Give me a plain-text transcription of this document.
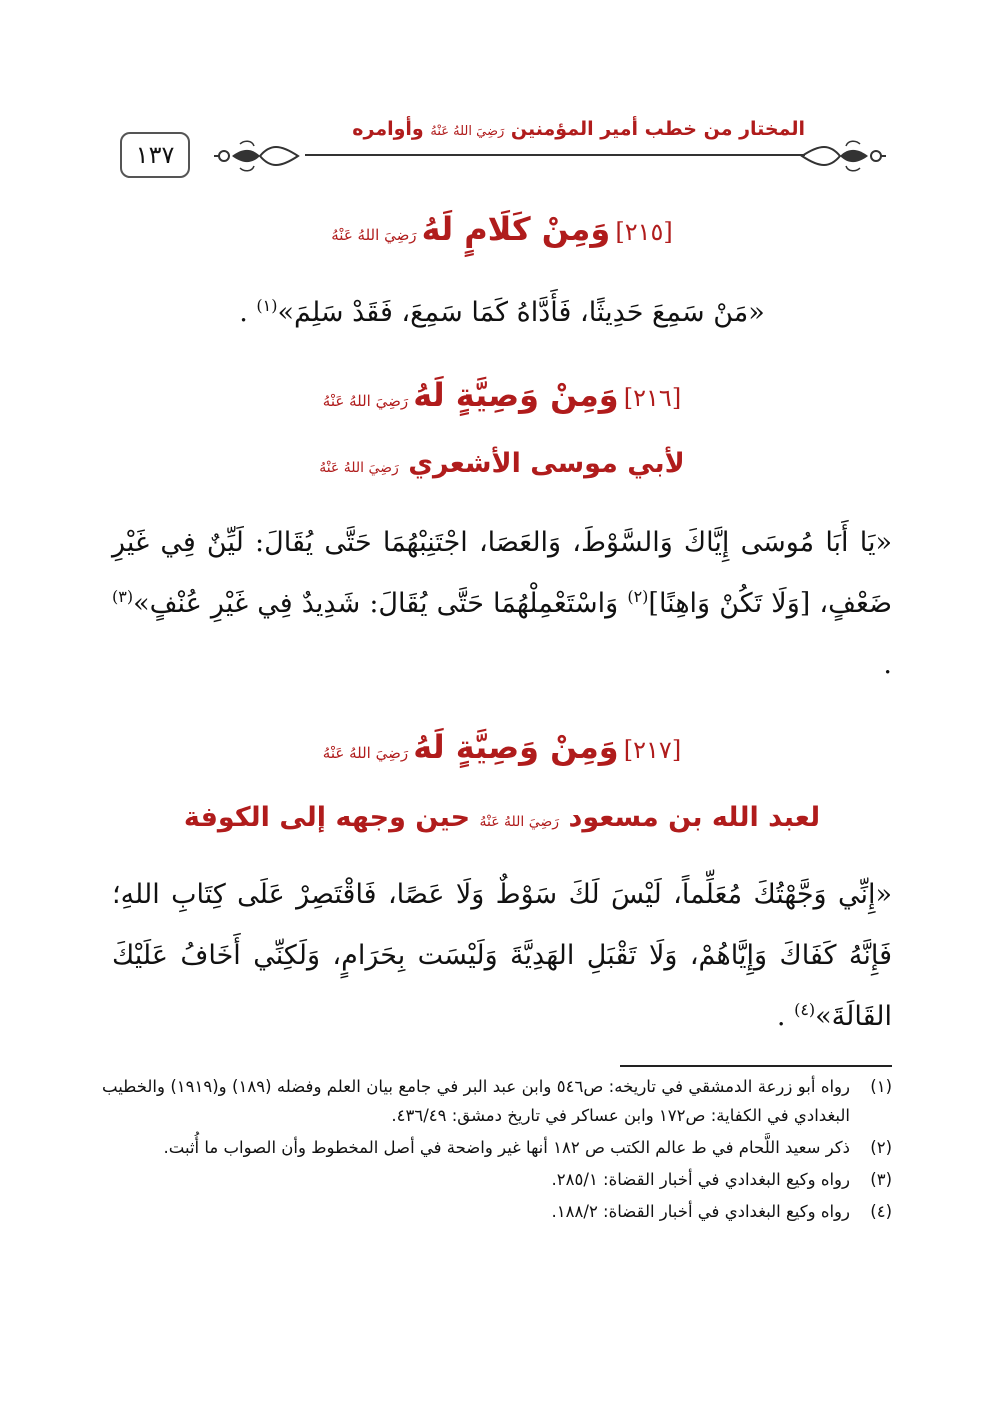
١٣٧
المختار من خطب أمير المؤمنين رَضِيَ اللهُ عَنْهُ وأوامره
[٢١٥] وَمِنْ كَلَامٍ لَهُ رَضِيَ اللهُ عَنْهُ
«مَنْ سَمِعَ حَدِيثًا، فَأَدَّاهُ كَمَا سَمِعَ، فَقَدْ سَلِمَ»$^{(١)}$ .
[٢١٦] وَمِنْ وَصِيَّةٍ لَهُ رَضِيَ اللهُ عَنْهُ
لأبي موسى الأشعري رَضِيَ اللهُ عَنْهُ
«يَا أَبَا مُوسَى إِيَّاكَ وَالسَّوْطَ، وَالعَصَا، اجْتَنِبْهُمَا حَتَّى يُقَالَ: لَيِّنٌ فِي غَيْرِ ضَعْفٍ، [وَلَا تَكُنْ وَاهِنًا]$^{(٢)}$ وَاسْتَعْمِلْهُمَا حَتَّى يُقَالَ: شَدِيدٌ فِي غَيْرِ عُنْفٍ»$^{(٣)}$ .
[٢١٧] وَمِنْ وَصِيَّةٍ لَهُ رَضِيَ اللهُ عَنْهُ
لعبد الله بن مسعود رَضِيَ اللهُ عَنْهُ حين وجهه إلى الكوفة
«إِنِّي وَجَّهْتُكَ مُعَلِّماً، لَيْسَ لَكَ سَوْطٌ وَلَا عَصًا، فَاقْتَصِرْ عَلَى كِتَابِ اللهِ؛ فَإِنَّهُ كَفَاكَ وَإِيَّاهُمْ، وَلَا تَقْبَلِ الهَدِيَّةَ وَلَيْسَت بِحَرَامٍ، وَلَكِنِّي أَخَافُ عَلَيْكَ القَالَةَ»$^{(٤)}$ .
(١)
رواه أبو زرعة الدمشقي في تاريخه: ص٥٤٦ وابن عبد البر في جامع بيان العلم وفضله (١٨٩) و(١٩١٩) والخطيب البغدادي في الكفاية: ص١٧٢ وابن عساكر في تاريخ دمشق: ٤٣٦/٤٩.
(٢)
ذكر سعيد اللَّحام في ط عالم الكتب ص ١٨٢ أنها غير واضحة في أصل المخطوط وأن الصواب ما أُثبت.
(٣)
رواه وكيع البغدادي في أخبار القضاة: ٢٨٥/١.
(٤)
رواه وكيع البغدادي في أخبار القضاة: ١٨٨/٢.
